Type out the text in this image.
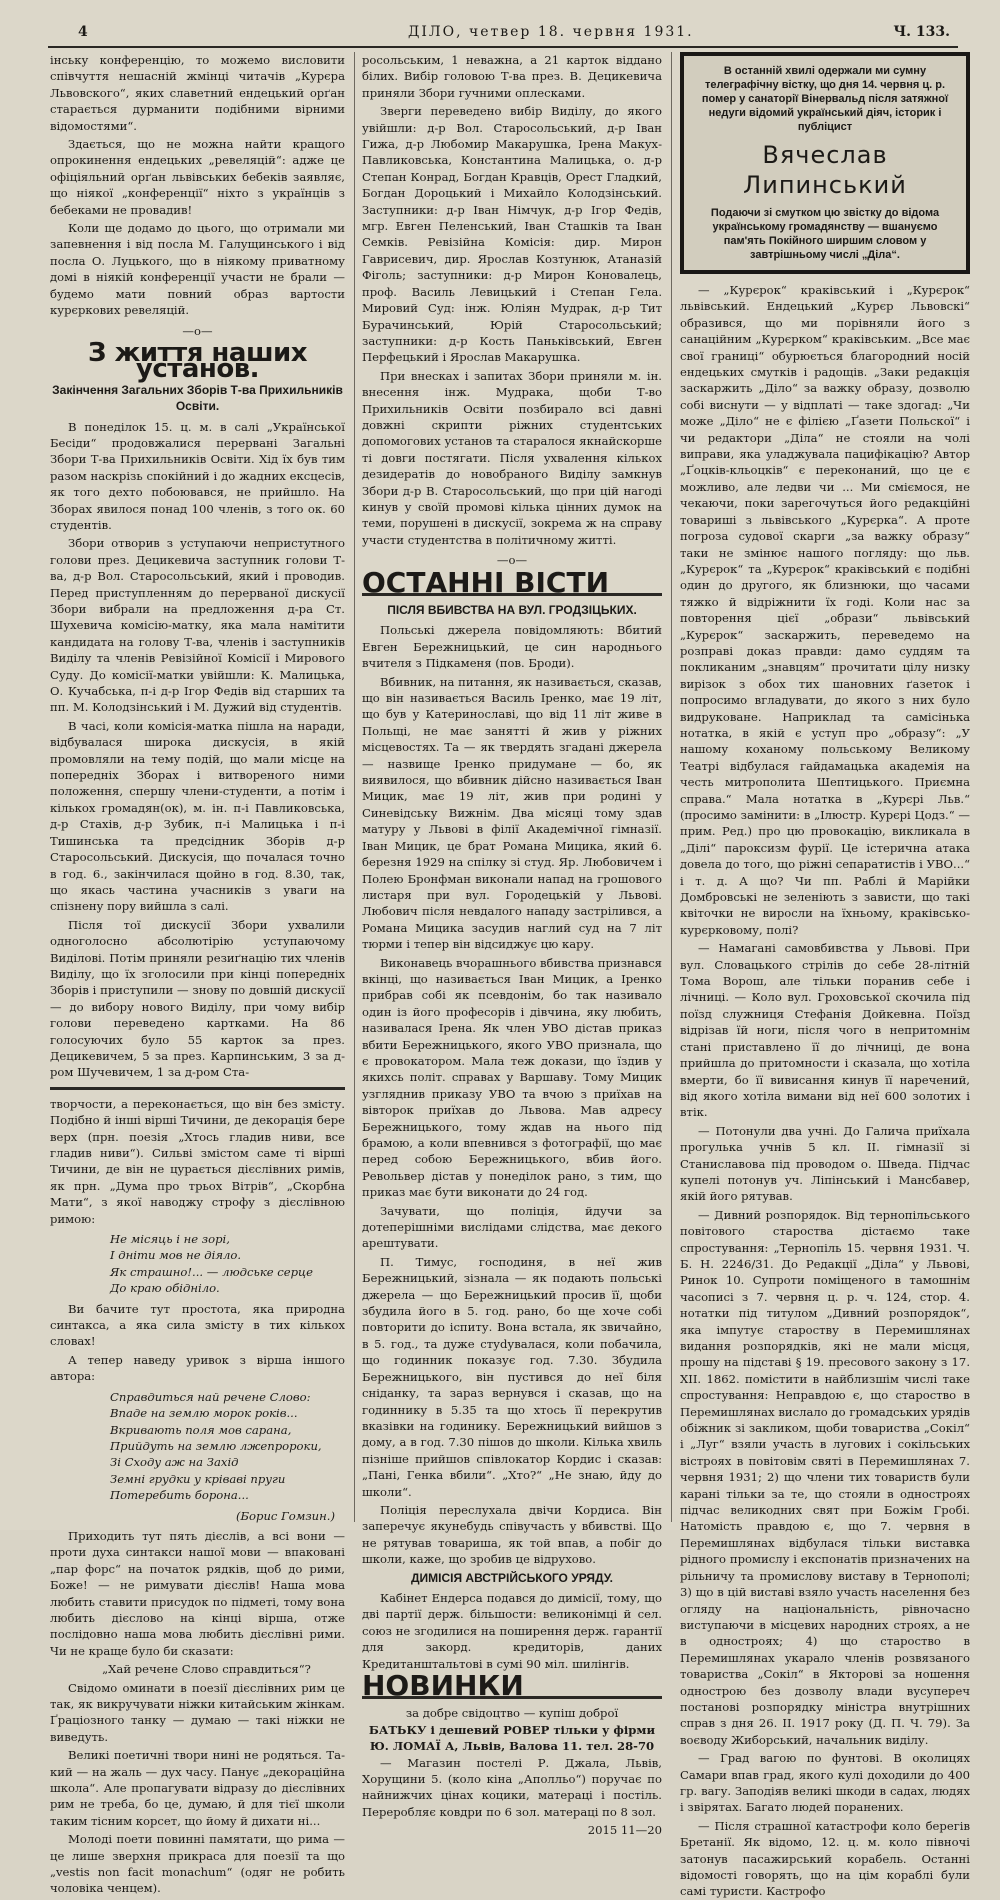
4	ДІЛО, четвер 18. червня 1931.	Ч. 133.

інську конференцію, то можемо висловити співчуття нешасній жмінці читачів „Курєра Львовского“, яких славетний ендецький орґан старається дурманити подібними вірними відомостями“.

Здається, що не можна найти кращого опрокинення ендецьких „ревеляцій“: адже це офіціяльний орґан львівських бебеків заявляє, що ніякої „конференції“ ніхто з українців з бебеками не провадив!

Коли ще додамо до цього, що отримали ми запевнення і від посла М. Галущинського і від посла О. Луцького, що в ніякому приватному домі в ніякій конференції участи не брали — будемо мати повний образ вартости курєркових ревеляцій.

—о—
З життя наших установ.
Закінчення Загальних Зборів Т-ва Прихильників Освіти.

В понеділок 15. ц. м. в салі „Української Бесіди“ продовжалися перервані Загальні Збори Т-ва Прихильників Освіти. Хід їх був тим разом наскрізь спокійний і до жадних ексцесів, як того дехто побоювався, не прийшло. На Зборах явилося понад 100 членів, з того ок. 60 студентів.

Збори отворив з уступаючи непристутного голови през. Децикевича заступник голови Т-ва, д-р Вол. Старосольський, який і проводив. Перед приступленням до перерваної дискусії Збори вибрали на предложення д-ра Ст. Шухевича комісію-матку, яка мала намітити кандидата на голову Т-ва, членів і заступників Виділу та членів Ревізійної Комісії і Мирового Суду. До комісії-матки увійшли: К. Малицька, О. Кучабська, п-і д-р Ігор Федів від старших та пп. М. Колодзінський і М. Дужий від студентів.

В часі, коли комісія-матка пішла на наради, відбувалася широка дискусія, в якій промовляли на тему подій, що мали місце на попередніх Зборах і витвореного ними положення, спершу члени-студенти, а потім і кількох громадян(ок), м. ін. п-і Павликовська, д-р Стахів, д-р Зубик, п-і Малицька і п-і Тишинська та предсідник Зборів д-р Старосольський. Дискусія, що почалася точно в год. 6., закінчилася щойно в год. 8.30, так, що якась частина учасників з уваги на спізнену пору вийшла з салі.

Після тої дискусії Збори ухвалили одноголосно абсолютірію уступаючому Виділові. Потім приняли резиґнацію тих членів Виділу, що їх зголосили при кінці попередніх Зборів і приступили — знову по довшій дискусії — до вибору нового Виділу, при чому вибір голови переведено картками. На 86 голосуючих було 55 карток за през. Децикевичем, 5 за през. Карпинським, 3 за д-ром Шучевичем, 1 за д-ром Ста-

творчости, а переконається, що він без змісту. Подібно й інші вірші Тичини, де декорація бере верх (прн. поезія „Хтось гладив ниви, все гладив ниви“). Сильві змістом саме ті вірші Тичини, де він не цурається дієслівних римів, як прн. „Дума про трьох Вітрів“, „Скорбна Мати“, з якої наводжу строфу з дієслівною римою:

Не місяць і не зорі,
І дніти мов не діяло.
Як страшно!... — людське серце
До краю обідніло.

Ви бачите тут простота, яка природна синтакса, а яка сила змісту в тих кількох словах!

А тепер наведу уривок з вірша іншого автора:

Справдиться най речене Слово:
Впаде на землю морок років...
Вкривають поля мов сарана,
Прийдуть на землю лжепророки,
Зі Сходу аж на Захід
Земні грудки у кріваві пруги
Потеребить борона...
(Борис Гомзин.)

Приходить тут пять дієслів, а всі вони — проти духа синтакси нашої мови — впаковані „пар форс“ на початок рядків, щоб до рими, Боже! — не римувати дієслів! Наша мова любить ставити присудок по підметі, тому вона любить дієслово на кінці вірша, отже послідовно наша мова любить дієслівні рими. Чи не краще було би сказати:

„Хай речене Слово справдиться“?

Свідомо оминати в поезії дієслівних рим це так, як викручувати ніжки китайським жінкам. Ґраціозного танку — думаю — такі ніжки не виведуть.

Великі поетичні твори нині не родяться. Та-кий — на жаль — дух часу. Панує „декораційна школа“. Але пропагувати відразу до дієслівних рим не треба, бо це, думаю, й для тієї школи таким тісним корсет, що йому й дихати ні...

Молоді поети повинні памятати, що рима — це лише зверхня прикраса для поезії та що „vestis non facit monachum“ (одяг не робить чоловіка ченцем).

росольським, 1 неважна, а 21 карток віддано білих. Вибір головою Т-ва през. В. Децикевича приняли Збори гучними оплесками.

Зверги переведено вибір Виділу, до якого увійшли: д-р Вол. Старосольський, д-р Іван Гижа, д-р Любомир Макарушка, Ірена Макух-Павликовська, Константина Малицька, о. д-р Степан Конрад, Богдан Кравців, Орест Гладкий, Богдан Дороцький і Михайло Колодзінський. Заступники: д-р Іван Німчук, д-р Ігор Федів, мгр. Евген Пеленський, Іван Сташків та Іван Семків. Ревізійна Комісія: дир. Мирон Гаврисевич, дир. Ярослав Козтунюк, Атаназій Фіголь; заступники: д-р Мирон Коновалець, проф. Василь Левицький і Степан Гела. Мировий Суд: інж. Юліян Мудрак, д-р Тит Бурачинський, Юрій Старосольський; заступники: д-р Кость Паньківський, Евген Перфецький і Ярослав Макарушка.

При внесках і запитах Збори приняли м. ін. внесення інж. Мудрака, щоби Т-во Прихильників Освіти позбиралo всі давні довжні скрипти ріжних студентських допомогових установ та старалося якнайскорше ті довги постягати. Після ухвалення кількох дезидератів до новобраного Виділу замкнув Збори д-р В. Старосольський, що при цій нагоді кинув у своїй промові кілька цінних думок на теми, порушені в дискусії, зокрема ж на справу участи студентства в політичному житті.

—о—
ОСТАННІ ВІСТИ
ПІСЛЯ ВБИВСТВА НА ВУЛ. ГРОДЗІЦЬКИХ.

Польські джерела повідомляють: Вбитий Евген Бережницький, це син народнього вчителя з Підкаменя (пов. Броди).

Вбивник, на питання, як називається, сказав, що він називається Василь Іренко, має 19 літ, що був у Катеринославі, що від 11 літ живе в Польщі, не має занятті й жив у ріжних місцевостях. Та — як твердять згадані джерела — назвище Іренко придумане — бо, як виявилося, що вбивник дійсно називається Іван Мицик, має 19 літ, жив при родині у Синевідську Вижнім. Два місяці тому здав матуру у Львові в філії Академічної гімназії. Іван Мицик, це брат Романа Мицика, який 6. березня 1929 на спілку зі студ. Яр. Любовичем і Полею Бронфман виконали напад на грошового листаря при вул. Городецькій у Львові. Любович після невдалого нападу застрілився, а Романа Мицика засудив наглий суд на 7 літ тюрми і тепер він відсиджує цю кару.

Виконавець вчорашнього вбивства признався вкінці, що називається Іван Мицик, а Іренко прибрав собі як псевдонім, бо так називало один із його професорів і дівчина, яку любить, називалася Ірена. Як член УВО дістав приказ вбити Бережницького, якого УВО признала, що є провокатором. Мала теж докази, що їздив у якихсь політ. справах у Варшаву. Тому Мицик узгляднив приказу УВО та вчою з приїхав на вівторок приїхав до Львова. Мав адресу Бережницького, тому ждав на нього під брамою, а коли впевнився з фотографії, що має перед собою Бережницького, вбив його. Револьвер дістав у понеділок рано, з тим, що приказ має бути виконати до 24 год.

Зачувати, що поліція, йдучи за дотеперішніми вислідами слідства, має декого арештувати.

П. Тимус, господиня, в неї жив Бережницький, зізнала — як подають польські джерела — що Бережницький просив її, щоби збудила його в 5. год. рано, бо ще хоче собі повторити до іспиту. Вона встала, як звичайно, в 5. год., та дуже стуdувалася, коли побачила, що годинник показує год. 7.30. Збудила Бережницького, він пустився до неї біля сніданку, та зараз вернувся і сказав, що на годиннику в 5.35 та що хтось її перекрутив вказівки на годинику. Бережницький вийшов з дому, а в год. 7.30 пішов до школи. Кілька хвиль пізніше прийшов співлокатор Кордис і сказав: „Пані, Генка вбили“. „Хто?“ „Не знаю, йду до школи“.

Поліція переслухала двічи Кордиса. Він заперечує якунебудь співучасть у вбивстві. Що не рятував товариша, як той впав, а побіг до школи, каже, що зробив це відрухово.

ДИМІСІЯ АВСТРІЙСЬКОГО УРЯДУ.

Кабінет Ендерса подався до димісії, тому, що дві партії держ. більшости: великонімці й сел. союз не згодилися на поширення держ. гарантії для закорд. кредиторів, даних Кредитанштальтові в сумі 90 міл. шилінгів.

НОВИНКИ
за добре свідоцтво — купіш доброї
БАТЬКУ і дешевий РОВЕР тільки у фірми Ю. ЛОМАЇ А, Львів, Валова 11. тел. 28-70

— Магазин постелі Р. Джала, Львів, Хорущини 5. (коло кіна „Аполльо“) поручає по найнижчих цінах коцики, матераці і постіль. Переробляє ковдри по 6 зол. матераці по 8 зол.

2015 11—20
В останній хвилі одержали ми сумну телеграфічну вістку, що дня 14. червня ц. р. помер у санаторії Вінервальд після затяжної недуги відомий український діяч, історик і публіцист
Вячеслав Липинський
Подаючи зі смутком цю звістку до відома українському громадянству — вшануємо пам'ять Покійного ширшим словом у завтрішньому числі „Діла“.

— „Курєрок“ краківський і „Курєрок“ львівський. Ендецький „Курєр Львовскі“ образився, що ми порівняли його з санаційним „Курєрком“ краківським. „Все має свої границі“ обурюється благородний носій ендецьких смутків і радощів. „Заки редакція заскаржить „Діло“ за важку образу, дозволю собі виснути — у відплаті — таке здогад: „Чи може „Діло“ не є філією „Ґазети Польскої“ і чи редактори „Діла“ не стояли на чолі виправи, яка уладжувала пацифікацію? Автор „Ґоцків-кльоцків“ є переконаний, що це є можливо, але ледви чи ... Ми сміємося, не чекаючи, поки зарегочуться його редакційні товариші з львівського „Курєрка“. А проте погроза судової скарги „за важку образу“ таки не змінює нашого погляду: що льв. „Курєрок“ та „Курєрок“ краківський є подібні один до другого, як близнюки, що часами тяжко й відріжнити їх годі. Коли нас за повторення цієї „образи“ львівський „Курєрок“ заскаржить, переведемо на розправі доказ правди: дамо суддям та покликаним „знавцям“ прочитати цілу низку вирізок з обох тих шановних ґазеток і попросимо вгладувати, до якого з них було видруковане. Наприклад та самісінька нотатка, в якій є уступ про „образу“: „У нашому коханому польському Великому Театрі відбулася гайдамацька академія на честь митрополита Шептицького. Приємна справа.“ Мала нотатка в „Курєрі Льв.“ (просимо замінити: в „Ілюстр. Курєрі Цодз.“ — прим. Ред.) про цю провокацію, викликала в „Ділі“ пароксизм фурії. Це істерична атака довела до того, що ріжні сепаратистів і УВО...“ і т. д. А що? Чи пп. Раблі й Марійки Домбровські не зеленіють з зависти, що такі квіточки не виросли на їхньому, краківсько-курєрковому, полі?

— Намагані самовбивства у Львові. При вул. Словацького стрілів до себе 28-літній Тома Ворош, але тільки поранив себе і лічниці. — Коло вул. Гроховської скочила під поїзд служниця Стефанія Дойкевна. Поїзд відрізав їй ноги, після чого в непритомнім стані приставлено її до лічниці, де вона прийшла до притомности і сказала, що хотіла вмерти, бо її вивисання кинув її наречений, від якого хотіла вимани від неї 600 золотих і втік.

— Потонули два учні. До Галича приїхала прогулька учнів 5 кл. ІІ. гімназії зі Станиславова під проводом о. Шведа. Підчас купелі потонув уч. Ліпінський і Мансбавер, якій його рятував.

— Дивний розпорядок. Від тернопільського повітового староства дістаємо таке спростування: „Тернопіль 15. червня 1931. Ч. Б. Н. 2246/31. До Редакції „Діла“ у Львові, Ринок 10. Супроти поміщеного в тамошнім часописі з 7. червня ц. р. ч. 124, стор. 4. нотатки під титулом „Дивний розпорядок“, яка імпутує староству в Перемишлянах видання розпорядків, які не мали місця, прошу на підставі § 19. пресового закону з 17. XII. 1862. помістити в найблизшім числі таке спростування: Неправдою є, що староство в Перемишлянах вислало до громадських урядів обіжник зі закликом, щоби товариства „Сокіл“ і „Луг“ взяли участь в лугових і сокільських вістроях в повітовім святі в Перемишлянах 7. червня 1931; 2) що члени тих товариств були карані тільки за те, що стояли в одностроях підчас великодних свят при Божім Гробі. Натомість правдою є, що 7. червня в Перемишлянах відбулася тільки виставка рідного промислу і експонатів призначених на рільничу та промислову виставу в Тернополі; 3) що в цій виставі взяло участь населення без огляду на національність, рівночасно виступаючи в місцевих народних строях, а не в одностроях; 4) що староство в Перемишлянах укарало членів розвязаного товариства „Сокіл“ в Якторові за ношення однострою без дозволу влади вусупереч постанові розпорядку міністра внутрішних справ з дня 26. II. 1917 року (Д. П. Ч. 79). За воєводу Жиборський, начальник виділу.

— Град вагою по фунтові. В околицях Самари впав град, якого кулі доходили до 400 гр. вагу. Заподіяв великі шкоди в садах, людях і звірятах. Багато людей поранених.

— Після страшної катастрофи коло берегів Бретанії. Як відомо, 12. ц. м. коло півночі затонув пасажирський корабель. Останні відомості говорять, що на цім кораблі були самі туристи. Кастрофо
